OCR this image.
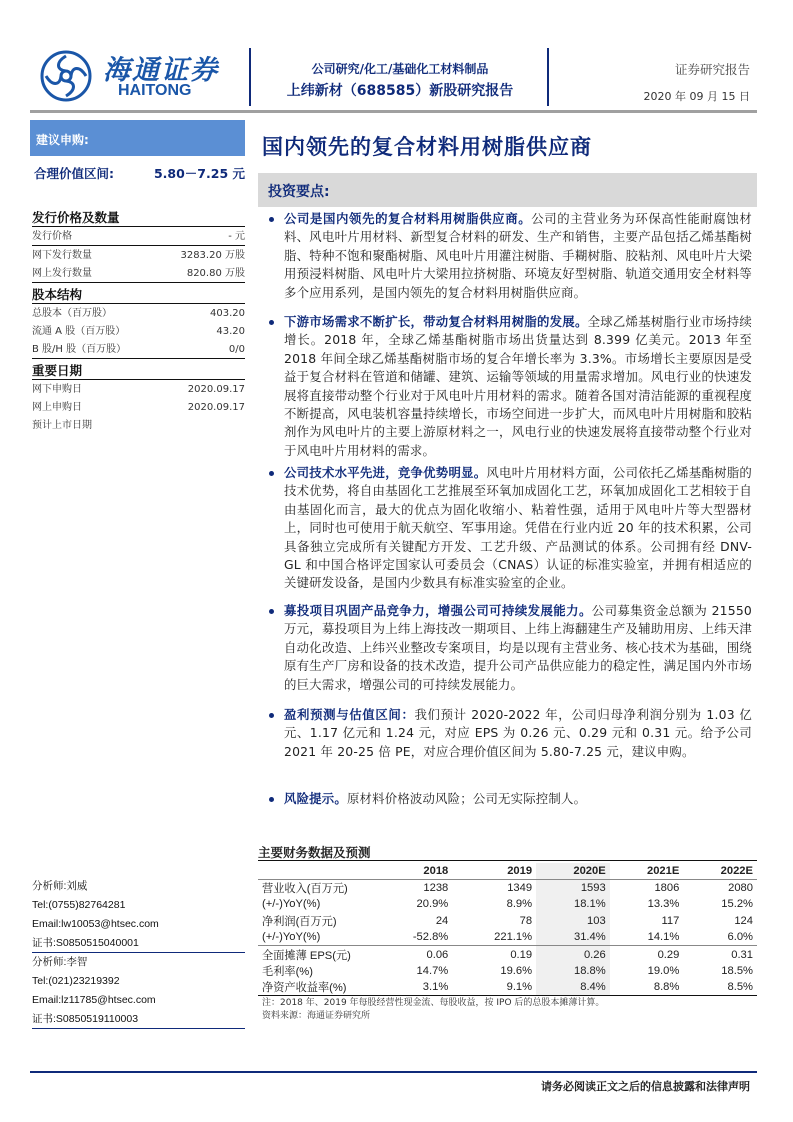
海通证券
HAITONG
公司研究/化工/基础化工材料制品
上纬新材（688585）新股研究报告
证券研究报告
2020 年 09 月 15 日
建议申购:
合理价值区间:	5.80－7.25 元
发行价格及数量
发行价格	- 元
网下发行数量	3283.20 万股
网上发行数量	820.80 万股
股本结构
总股本（百万股）	403.20
流通 A 股（百万股）	43.20
B 股/H 股（百万股）	0/0
重要日期
网下申购日	2020.09.17
网上申购日	2020.09.17
预计上市日期
国内领先的复合材料用树脂供应商
投资要点:
公司是国内领先的复合材料用树脂供应商。公司的主营业务为环保高性能耐腐蚀材料、风电叶片用材料、新型复合材料的研发、生产和销售，主要产品包括乙烯基酯树脂、特种不饱和聚酯树脂、风电叶片用灌注树脂、手糊树脂、胶粘剂、风电叶片大梁用预浸料树脂、风电叶片大梁用拉挤树脂、环境友好型树脂、轨道交通用安全材料等多个应用系列，是国内领先的复合材料用树脂供应商。
下游市场需求不断扩长，带动复合材料用树脂的发展。全球乙烯基树脂行业市场持续增长。2018 年，全球乙烯基酯树脂市场出货量达到 8.399 亿美元。2013 年至 2018 年间全球乙烯基酯树脂市场的复合年增长率为 3.3%。市场增长主要原因是受益于复合材料在管道和储罐、建筑、运输等领域的用量需求增加。风电行业的快速发展将直接带动整个行业对于风电叶片用材料的需求。随着各国对清洁能源的重视程度不断提高，风电装机容量持续增长，市场空间进一步扩大，而风电叶片用树脂和胶粘剂作为风电叶片的主要上游原材料之一，风电行业的快速发展将直接带动整个行业对于风电叶片用材料的需求。
公司技术水平先进，竞争优势明显。风电叶片用材料方面，公司依托乙烯基酯树脂的技术优势，将自由基固化工艺推展至环氧加成固化工艺，环氧加成固化工艺相较于自由基固化而言，最大的优点为固化收缩小、粘着性强，适用于风电叶片等大型器材上，同时也可使用于航天航空、军事用途。凭借在行业内近 20 年的技术积累，公司具备独立完成所有关键配方开发、工艺升级、产品测试的体系。公司拥有经 DNV-GL 和中国合格评定国家认可委员会（CNAS）认证的标准实验室，并拥有相适应的关键研发设备，是国内少数具有标准实验室的企业。
募投项目巩固产品竞争力，增强公司可持续发展能力。公司募集资金总额为 21550 万元，募投项目为上纬上海技改一期项目、上纬上海翻建生产及辅助用房、上纬天津自动化改造、上纬兴业整改专案项目，均是以现有主营业务、核心技术为基础，围绕原有生产厂房和设备的技术改造，提升公司产品供应能力的稳定性，满足国内外市场的巨大需求，增强公司的可持续发展能力。
盈利预测与估值区间：我们预计 2020-2022 年，公司归母净利润分别为 1.03 亿元、1.17 亿元和 1.24 元，对应 EPS 为 0.26 元、0.29 元和 0.31 元。给予公司 2021 年 20-25 倍 PE，对应合理价值区间为 5.80-7.25 元，建议申购。
风险提示。原材料价格波动风险；公司无实际控制人。
主要财务数据及预测
	2018	2019	2020E	2021E	2022E
营业收入(百万元)	1238	1349	1593	1806	2080
(+/-)YoY(%)	20.9%	8.9%	18.1%	13.3%	15.2%
净利润(百万元)	24	78	103	117	124
(+/-)YoY(%)	-52.8%	221.1%	31.4%	14.1%	6.0%
全面摊薄 EPS(元)	0.06	0.19	0.26	0.29	0.31
毛利率(%)	14.7%	19.6%	18.8%	19.0%	18.5%
净资产收益率(%)	3.1%	9.1%	8.4%	8.8%	8.5%
注：2018 年、2019 年每股经营性现金流、每股收益，按 IPO 后的总股本摊薄计算。
资料来源：海通证券研究所
分析师:刘威
Tel:(0755)82764281
Email:lw10053@htsec.com
证书:S0850515040001
分析师:李智
Tel:(021)23219392
Email:lz11785@htsec.com
证书:S0850519110003
请务必阅读正文之后的信息披露和法律声明
